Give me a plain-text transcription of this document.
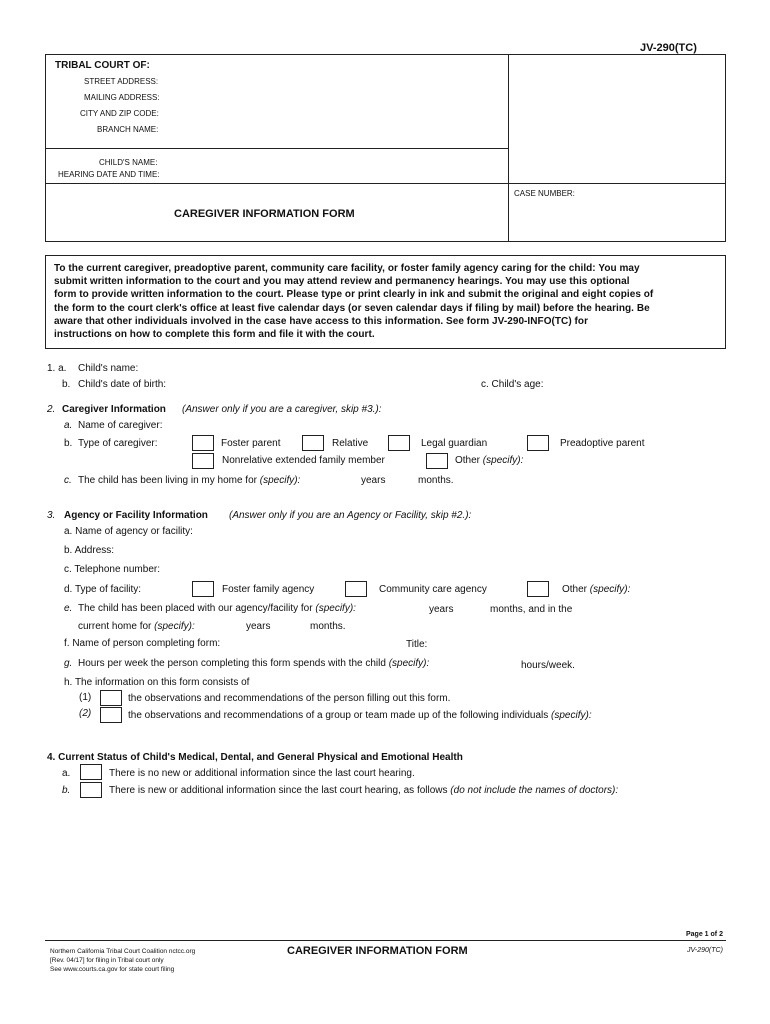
JV-290(TC)
TRIBAL COURT OF:
STREET ADDRESS:
MAILING ADDRESS:
CITY AND ZIP CODE:
BRANCH NAME:
CHILD'S NAME:
HEARING DATE AND TIME:
CASE NUMBER:
CAREGIVER INFORMATION FORM

To the current caregiver, preadoptive parent, community care facility, or foster family agency caring for the child: You may

submit written information to the court and you may attend review and permanency hearings. You may use this optional

form to provide written information to the court. Please type or print clearly in ink and submit the original and eight copies of

the form to the court clerk's office at least five calendar days (or seven calendar days if filing by mail) before the hearing. Be

aware that other individuals involved in the case have access to this information. See form JV-290-INFO(TC) for

instructions on how to complete this form and file it with the court.

1. a. Child's name:
b. Child's date of birth:	c. Child's age:
2. Caregiver Information (Answer only if you are a caregiver, skip #3.):
a. Name of caregiver:
b. Type of caregiver:	Foster parent	Relative	Legal guardian	Preadoptive parent
Nonrelative extended family member	Other (specify):
c. The child has been living in my home for (specify):	years	months.
3. Agency or Facility Information (Answer only if you are an Agency or Facility, skip #2.):
a. Name of agency or facility:
b. Address:
c. Telephone number:
d. Type of facility:	Foster family agency	Community care agency	Other (specify):
e. The child has been placed with our agency/facility for (specify):	years	months, and in the
current home for (specify):	years	months.
f. Name of person completing form:	Title:
g. Hours per week the person completing this form spends with the child (specify):	hours/week.
h. The information on this form consists of
(1)	the observations and recommendations of the person filling out this form.
(2)	the observations and recommendations of a group or team made up of the following individuals (specify):
4. Current Status of Child's Medical, Dental, and General Physical and Emotional Health
a.	There is no new or additional information since the last court hearing.
b.	There is new or additional information since the last court hearing, as follows (do not include the names of doctors):
Page 1 of 2
Northern California Tribal Court Coalition nctcc.org
[Rev. 04/17] for filing in Tribal court only
See www.courts.ca.gov for state court filing
CAREGIVER INFORMATION FORM	JV-290(TC)
